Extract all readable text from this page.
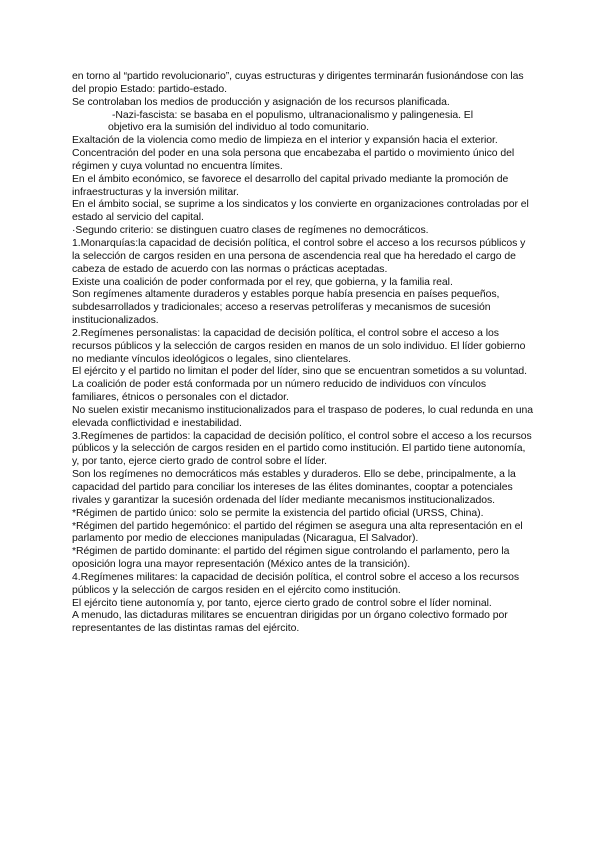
en torno al “partido revolucionario”, cuyas estructuras y dirigentes terminarán fusionándose con las del propio Estado: partido-estado.

Se controlaban los medios de producción y asignación de los recursos planificada.

-Nazi-fascista: se basaba en el populismo, ultranacionalismo y palingenesia. El

objetivo era la sumisión del individuo al todo comunitario.

Exaltación de la violencia como medio de limpieza en el interior y expansión hacia el exterior. Concentración del poder en una sola persona que encabezaba el partido o movimiento único del régimen y cuya voluntad no encuentra límites.

En el ámbito económico, se favorece el desarrollo del capital privado mediante la promoción de infraestructuras y la inversión militar.

En el ámbito social, se suprime a los sindicatos y los convierte en organizaciones controladas por el estado al servicio del capital.

·Segundo criterio: se distinguen cuatro clases de regímenes no democráticos.

1.Monarquías:la capacidad de decisión política, el control sobre el acceso a los recursos públicos y la selección de cargos residen en una persona de ascendencia real que ha heredado el cargo de cabeza de estado de acuerdo con las normas o prácticas aceptadas.

Existe una coalición de poder conformada por el rey, que gobierna, y la familia real.

Son regímenes altamente duraderos y estables porque había presencia en países pequeños, subdesarrollados y tradicionales; acceso a reservas petrolíferas y mecanismos de sucesión institucionalizados.

2.Regímenes personalistas: la capacidad de decisión política, el control sobre el acceso a los recursos públicos y la selección de cargos residen en manos de un solo individuo. El líder gobierno no mediante vínculos ideológicos o legales, sino clientelares.

El ejército y el partido no limitan el poder del líder, sino que se encuentran sometidos a su voluntad. La coalición de poder está conformada por un número reducido de individuos con vínculos familiares, étnicos o personales con el dictador.

No suelen existir mecanismo institucionalizados para el traspaso de poderes, lo cual redunda en una elevada conflictividad e inestabilidad.

3.Regímenes de partidos: la capacidad de decisión político, el control sobre el acceso a los recursos públicos y la selección de cargos residen en el partido como institución. El partido tiene autonomía, y, por tanto, ejerce cierto grado de control sobre el líder.

Son los regímenes no democráticos más estables y duraderos. Ello se debe, principalmente, a la capacidad del partido para conciliar los intereses de las élites dominantes, cooptar a potenciales rivales y garantizar la sucesión ordenada del líder mediante mecanismos institucionalizados.

*Régimen de partido único: solo se permite la existencia del partido oficial (URSS, China).

*Régimen del partido hegemónico: el partido del régimen se asegura una alta representación en el parlamento por medio de elecciones manipuladas (Nicaragua, El Salvador).

*Régimen de partido dominante: el partido del régimen sigue controlando el parlamento, pero la oposición logra una mayor representación (México antes de la transición).

4.Regímenes militares: la capacidad de decisión política, el control sobre el acceso a los recursos públicos y la selección de cargos residen en el ejército como institución.

El ejército tiene autonomía y, por tanto, ejerce cierto grado de control sobre el líder nominal.

A menudo, las dictaduras militares se encuentran dirigidas por un órgano colectivo formado por representantes de las distintas ramas del ejército.
